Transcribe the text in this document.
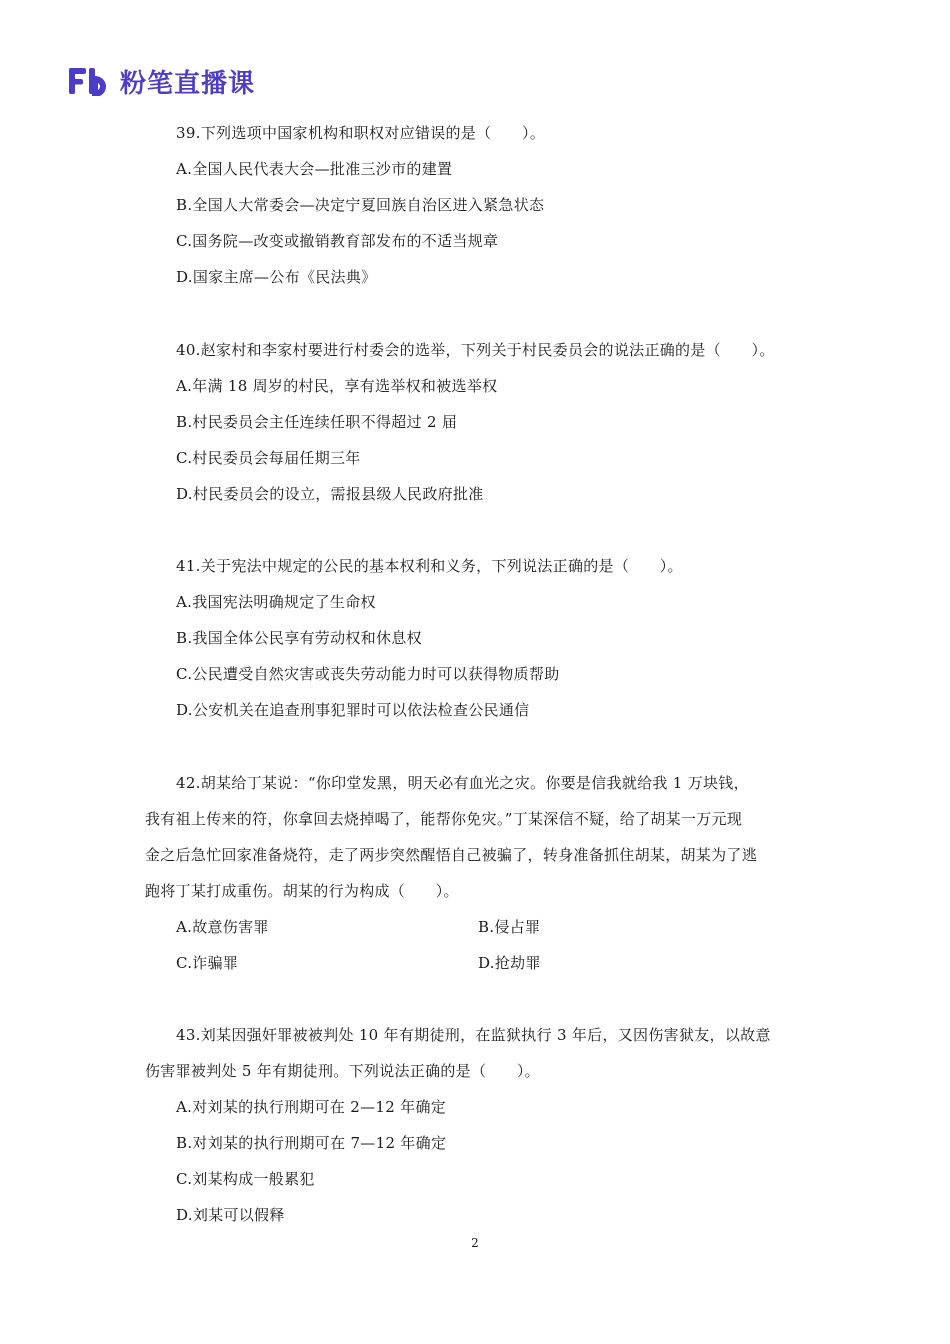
粉笔直播课
39.下列选项中国家机构和职权对应错误的是（　　）。
A.全国人民代表大会—批准三沙市的建置
B.全国人大常委会—决定宁夏回族自治区进入紧急状态
C.国务院—改变或撤销教育部发布的不适当规章
D.国家主席—公布《民法典》
40.赵家村和李家村要进行村委会的选举，下列关于村民委员会的说法正确的是（　　）。
A.年满 18 周岁的村民，享有选举权和被选举权
B.村民委员会主任连续任职不得超过 2 届
C.村民委员会每届任期三年
D.村民委员会的设立，需报县级人民政府批准
41.关于宪法中规定的公民的基本权利和义务，下列说法正确的是（　　）。
A.我国宪法明确规定了生命权
B.我国全体公民享有劳动权和休息权
C.公民遭受自然灾害或丧失劳动能力时可以获得物质帮助
D.公安机关在追查刑事犯罪时可以依法检查公民通信
42.胡某给丁某说：“你印堂发黑，明天必有血光之灾。你要是信我就给我 1 万块钱，
我有祖上传来的符，你拿回去烧掉喝了，能帮你免灾。”丁某深信不疑，给了胡某一万元现
金之后急忙回家准备烧符，走了两步突然醒悟自己被骗了，转身准备抓住胡某，胡某为了逃
跑将丁某打成重伤。胡某的行为构成（　　）。
A.故意伤害罪	B.侵占罪
C.诈骗罪	D.抢劫罪
43.刘某因强奸罪被被判处 10 年有期徒刑，在监狱执行 3 年后，又因伤害狱友，以故意
伤害罪被判处 5 年有期徒刑。下列说法正确的是（　　）。
A.对刘某的执行刑期可在 2—12 年确定
B.对刘某的执行刑期可在 7—12 年确定
C.刘某构成一般累犯
D.刘某可以假释
2
